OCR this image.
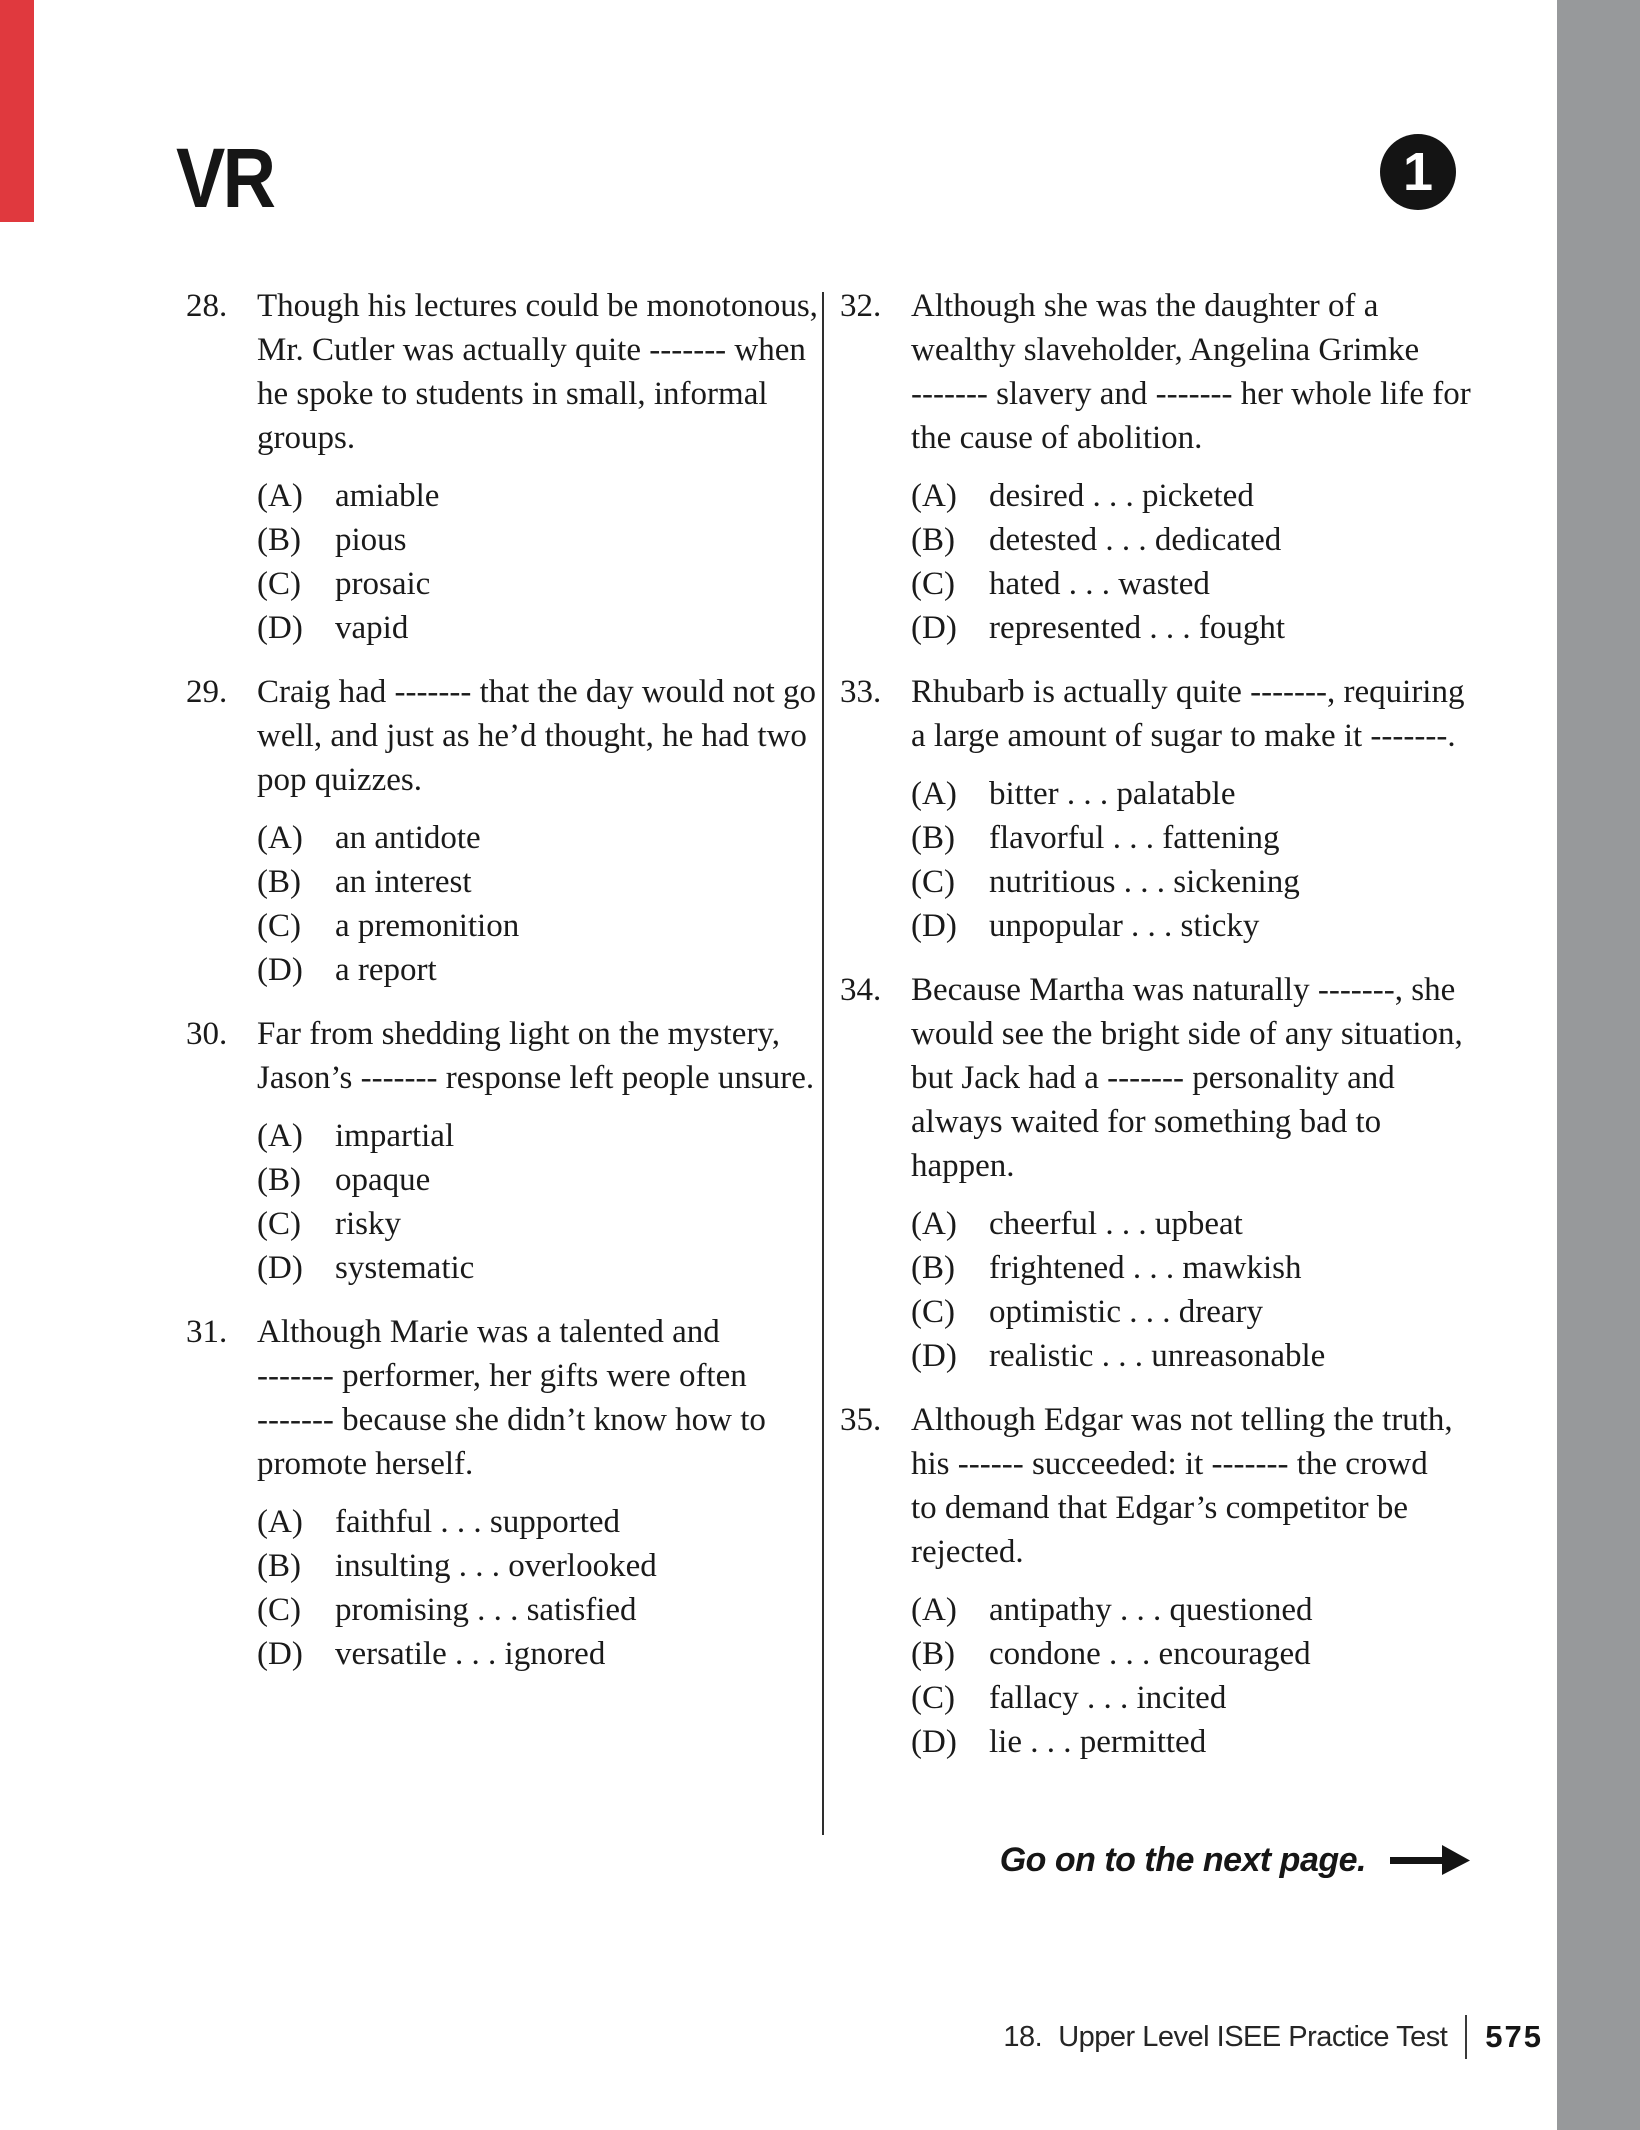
VR	1
28. Though his lectures could be monotonous,
Mr. Cutler was actually quite ------- when
he spoke to students in small, informal
groups.
(A) amiable
(B) pious
(C) prosaic
(D) vapid
29. Craig had ------- that the day would not go
well, and just as he’d thought, he had two
pop quizzes.
(A) an antidote
(B) an interest
(C) a premonition
(D) a report
30. Far from shedding light on the mystery,
Jason’s ------- response left people unsure.
(A) impartial
(B) opaque
(C) risky
(D) systematic
31. Although Marie was a talented and
------- performer, her gifts were often
------- because she didn’t know how to
promote herself.
(A) faithful . . . supported
(B) insulting . . . overlooked
(C) promising . . . satisfied
(D) versatile . . . ignored
32. Although she was the daughter of a
wealthy slaveholder, Angelina Grimke
------- slavery and ------- her whole life for
the cause of abolition.
(A) desired . . . picketed
(B) detested . . . dedicated
(C) hated . . . wasted
(D) represented . . . fought
33. Rhubarb is actually quite -------, requiring
a large amount of sugar to make it -------.
(A) bitter . . . palatable
(B) flavorful . . . fattening
(C) nutritious . . . sickening
(D) unpopular . . . sticky
34. Because Martha was naturally -------, she
would see the bright side of any situation,
but Jack had a ------- personality and
always waited for something bad to
happen.
(A) cheerful . . . upbeat
(B) frightened . . . mawkish
(C) optimistic . . . dreary
(D) realistic . . . unreasonable
35. Although Edgar was not telling the truth,
his ------ succeeded: it ------- the crowd
to demand that Edgar’s competitor be
rejected.
(A) antipathy . . . questioned
(B) condone . . . encouraged
(C) fallacy . . . incited
(D) lie . . . permitted
Go on to the next page.
18. Upper Level ISEE Practice Test 575
